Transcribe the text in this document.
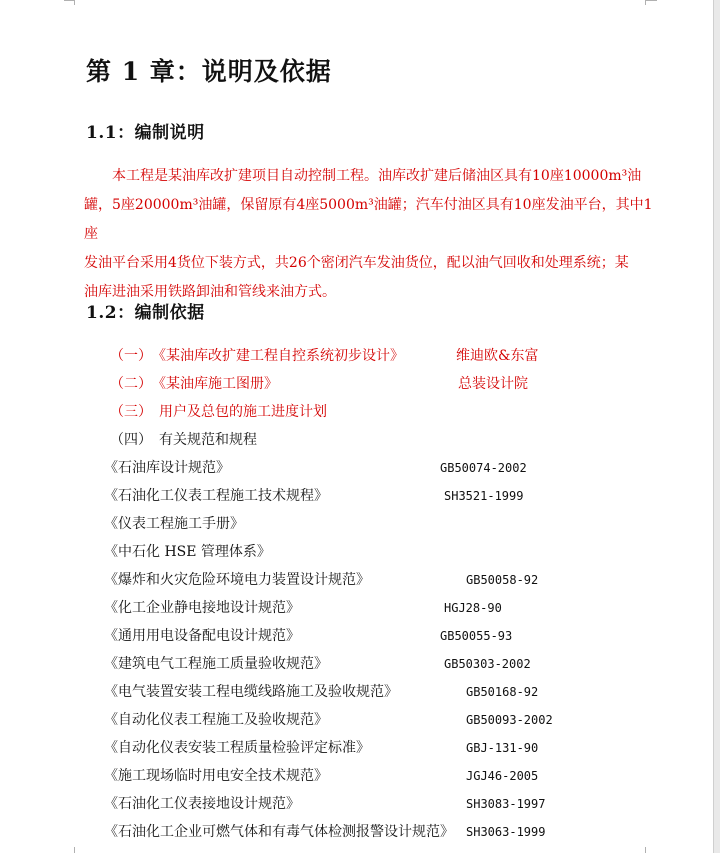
第 1 章：说明及依据
1.1：编制说明
本工程是某油库改扩建项目自动控制工程。油库改扩建后储油区具有10座10000m³油
罐，5座20000m³油罐，保留原有4座5000m³油罐；汽车付油区具有10座发油平台，其中1座
发油平台采用4货位下装方式，共26个密闭汽车发油货位，配以油气回收和处理系统；某
油库进油采用铁路卸油和管线来油方式。
1.2：编制依据
（一）　《某油库改扩建工程自控系统初步设计》	维迪欧&东富
（二）　《某油库施工图册》	总装设计院
（三）　用户及总包的施工进度计划
（四）　有关规范和规程
《石油库设计规范》	GB50074-2002
《石油化工仪表工程施工技术规程》	SH3521-1999
《仪表工程施工手册》
《中石化 HSE 管理体系》
《爆炸和火灾危险环境电力装置设计规范》	GB50058-92
《化工企业静电接地设计规范》	HGJ28-90
《通用用电设备配电设计规范》	GB50055-93
《建筑电气工程施工质量验收规范》	GB50303-2002
《电气装置安装工程电缆线路施工及验收规范》	GB50168-92
《自动化仪表工程施工及验收规范》	GB50093-2002
《自动化仪表安装工程质量检验评定标准》	GBJ-131-90
《施工现场临时用电安全技术规范》	JGJ46-2005
《石油化工仪表接地设计规范》	SH3083-1997
《石油化工企业可燃气体和有毒气体检测报警设计规范》 SH3063-1999
